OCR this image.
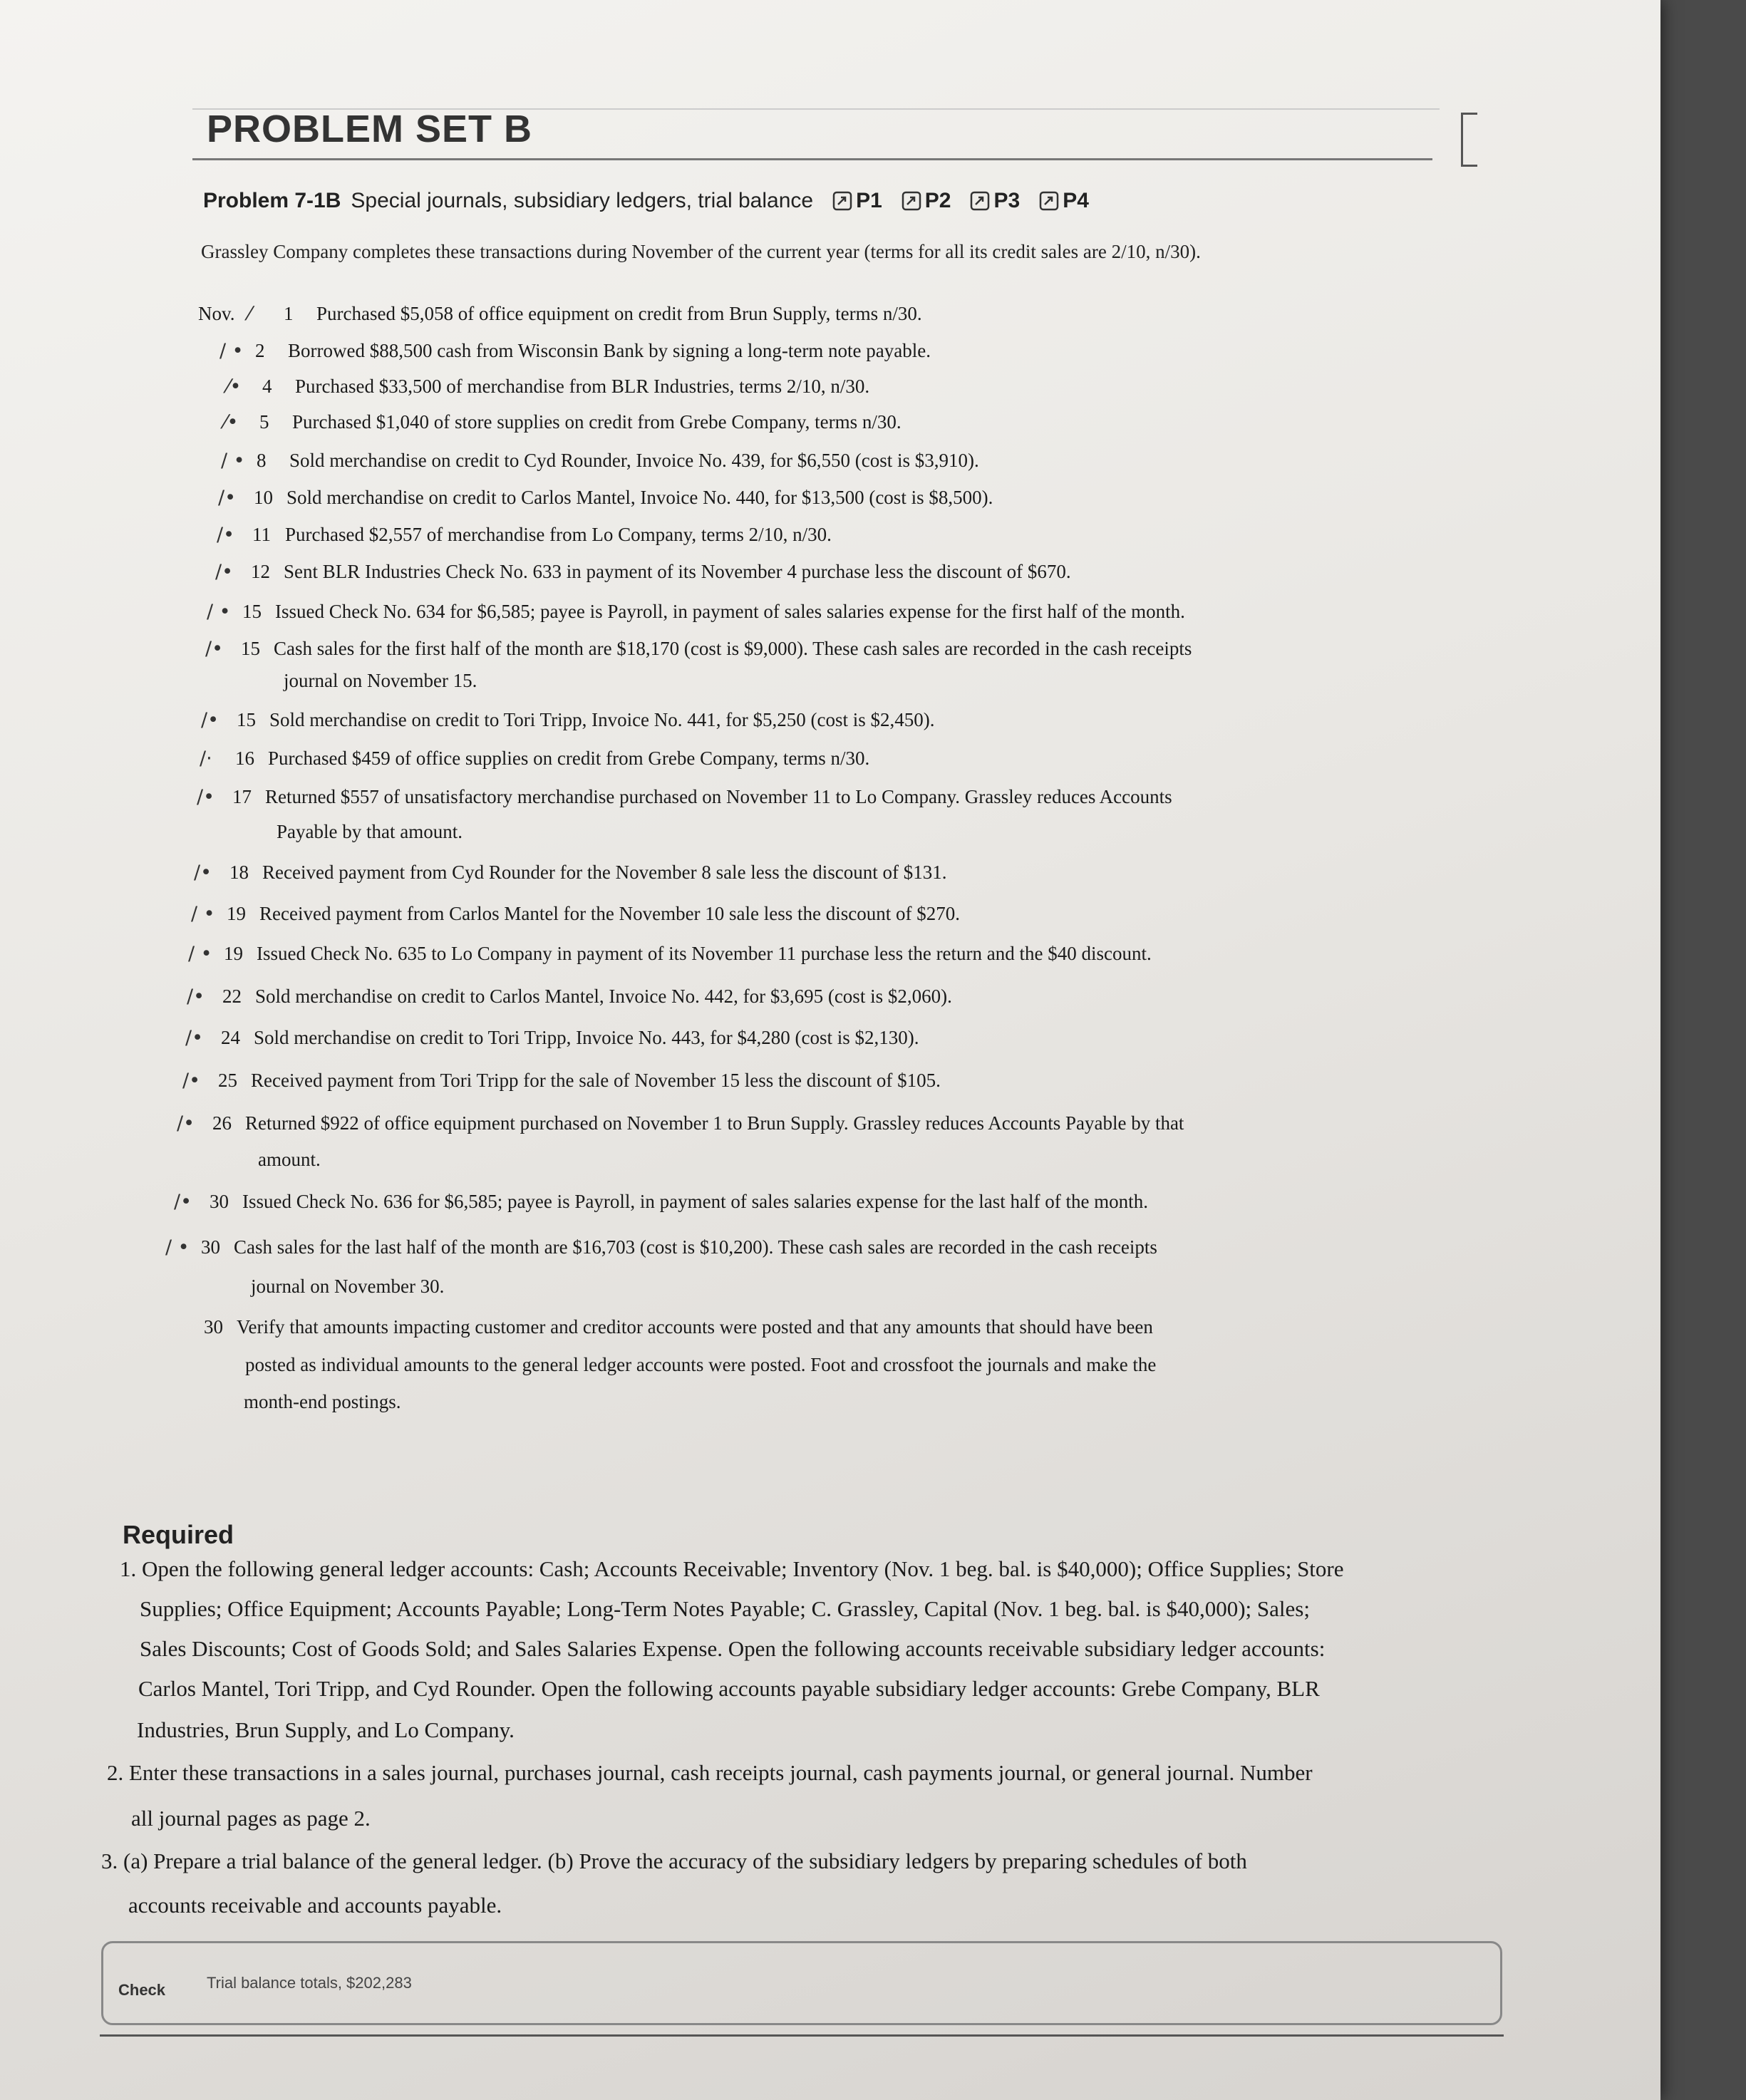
PROBLEM SET B
Problem 7-1B Special journals, subsidiary ledgers, trial balance P1 P2 P3 P4
Grassley Company completes these transactions during November of the current year (terms for all its credit sales are 2/10, n/30).
Nov. ⁄ 1 Purchased $5,058 of office equipment on credit from Brun Supply, terms n/30.
/ • 2 Borrowed $88,500 cash from Wisconsin Bank by signing a long-term note payable.
⁄• 4 Purchased $33,500 of merchandise from BLR Industries, terms 2/10, n/30.
⁄• 5 Purchased $1,040 of store supplies on credit from Grebe Company, terms n/30.
/ • 8 Sold merchandise on credit to Cyd Rounder, Invoice No. 439, for $6,550 (cost is $3,910).
/• 10 Sold merchandise on credit to Carlos Mantel, Invoice No. 440, for $13,500 (cost is $8,500).
/• 11 Purchased $2,557 of merchandise from Lo Company, terms 2/10, n/30.
/• 12 Sent BLR Industries Check No. 633 in payment of its November 4 purchase less the discount of $670.
/ • 15 Issued Check No. 634 for $6,585; payee is Payroll, in payment of sales salaries expense for the first half of the month.
/• 15 Cash sales for the first half of the month are $18,170 (cost is $9,000). These cash sales are recorded in the cash receipts
journal on November 15.
/• 15 Sold merchandise on credit to Tori Tripp, Invoice No. 441, for $5,250 (cost is $2,450).
/· 16 Purchased $459 of office supplies on credit from Grebe Company, terms n/30.
/• 17 Returned $557 of unsatisfactory merchandise purchased on November 11 to Lo Company. Grassley reduces Accounts
Payable by that amount.
/• 18 Received payment from Cyd Rounder for the November 8 sale less the discount of $131.
/ • 19 Received payment from Carlos Mantel for the November 10 sale less the discount of $270.
/ • 19 Issued Check No. 635 to Lo Company in payment of its November 11 purchase less the return and the $40 discount.
/• 22 Sold merchandise on credit to Carlos Mantel, Invoice No. 442, for $3,695 (cost is $2,060).
/• 24 Sold merchandise on credit to Tori Tripp, Invoice No. 443, for $4,280 (cost is $2,130).
/• 25 Received payment from Tori Tripp for the sale of November 15 less the discount of $105.
/• 26 Returned $922 of office equipment purchased on November 1 to Brun Supply. Grassley reduces Accounts Payable by that
amount.
/• 30 Issued Check No. 636 for $6,585; payee is Payroll, in payment of sales salaries expense for the last half of the month.
/ • 30 Cash sales for the last half of the month are $16,703 (cost is $10,200). These cash sales are recorded in the cash receipts
journal on November 30.
30 Verify that amounts impacting customer and creditor accounts were posted and that any amounts that should have been
posted as individual amounts to the general ledger accounts were posted. Foot and crossfoot the journals and make the
month-end postings.
Required
1. Open the following general ledger accounts: Cash; Accounts Receivable; Inventory (Nov. 1 beg. bal. is $40,000); Office Supplies; Store
Supplies; Office Equipment; Accounts Payable; Long-Term Notes Payable; C. Grassley, Capital (Nov. 1 beg. bal. is $40,000); Sales;
Sales Discounts; Cost of Goods Sold; and Sales Salaries Expense. Open the following accounts receivable subsidiary ledger accounts:
Carlos Mantel, Tori Tripp, and Cyd Rounder. Open the following accounts payable subsidiary ledger accounts: Grebe Company, BLR
Industries, Brun Supply, and Lo Company.
2. Enter these transactions in a sales journal, purchases journal, cash receipts journal, cash payments journal, or general journal. Number
all journal pages as page 2.
3. (a) Prepare a trial balance of the general ledger. (b) Prove the accuracy of the subsidiary ledgers by preparing schedules of both
accounts receivable and accounts payable.
Check	Trial balance totals, $202,283
